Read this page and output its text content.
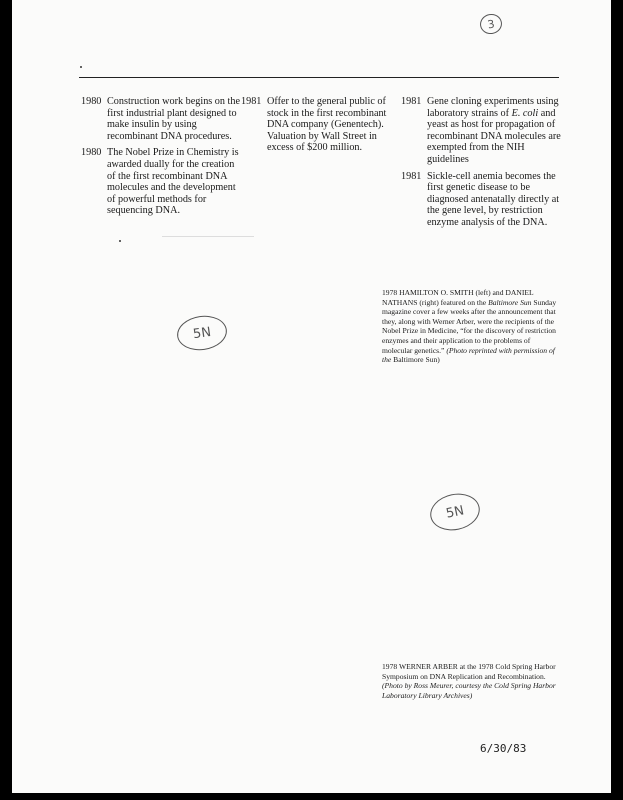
3
1980 Construction work begins on the first industrial plant designed to make insulin by using recombinant DNA procedures.
1980 The Nobel Prize in Chemistry is awarded dually for the creation of the first recombinant DNA molecules and the development of powerful methods for sequencing DNA.
1981 Offer to the general public of stock in the first recombinant DNA company (Genentech). Valuation by Wall Street in excess of $200 million.
1981 Gene cloning experiments using laboratory strains of E. coli and yeast as host for propagation of recombinant DNA molecules are exempted from the NIH guidelines
1981 Sickle-cell anemia becomes the first genetic disease to be diagnosed antenatally directly at the gene level, by restriction enzyme analysis of the DNA.
1978 HAMILTON O. SMITH (left) and DANIEL NATHANS (right) featured on the Baltimore Sun Sunday magazine cover a few weeks after the announcement that they, along with Werner Arber, were the recipients of the Nobel Prize in Medicine, “for the discovery of restriction enzymes and their application to the problems of molecular genetics.” (Photo reprinted with permission of the Baltimore Sun)
5N
5N
1978 WERNER ARBER at the 1978 Cold Spring Harbor Symposium on DNA Replication and Recombination. (Photo by Ross Meurer, courtesy the Cold Spring Harbor Laboratory Library Archives)
6/30/83
